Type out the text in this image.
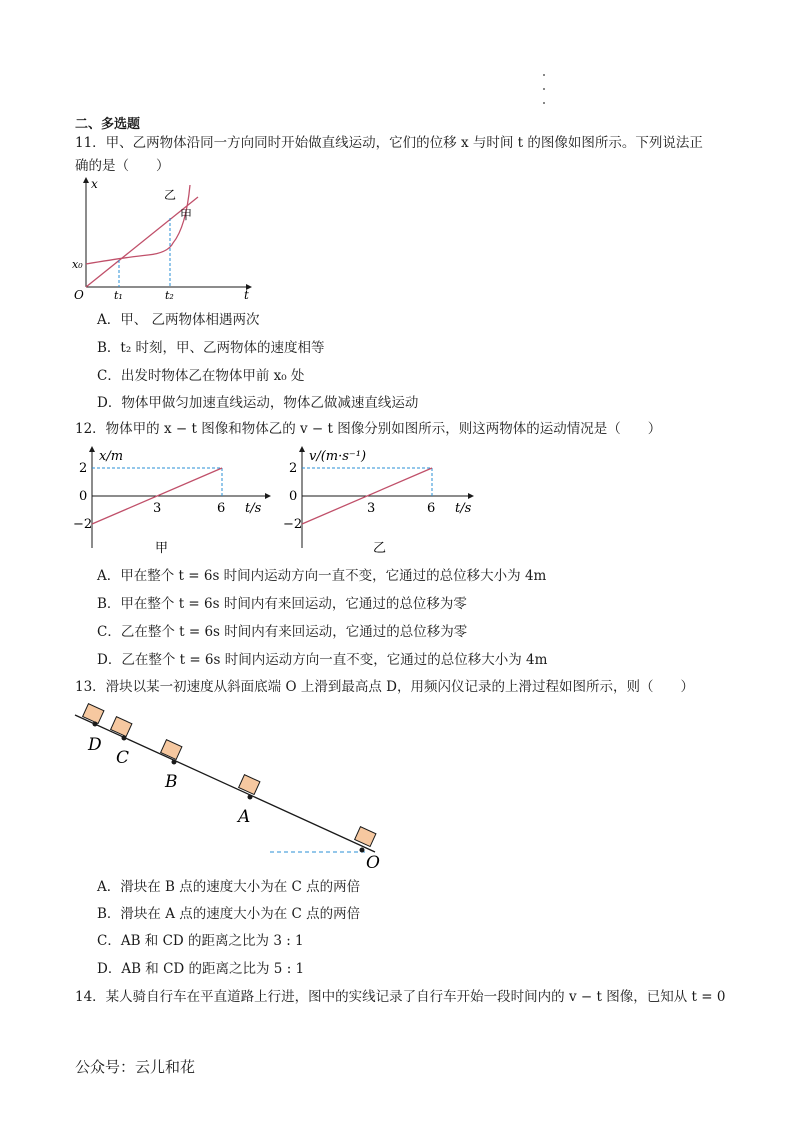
二、多选题
11．甲、乙两物体沿同一方向同时开始做直线运动，它们的位移 x 与时间 t 的图像如图所示。下列说法正
确的是（　　）
t
x
O
x₀
t₁	t₂
乙
甲
A．甲、 乙两物体相遇两次
B．t₂ 时刻，甲、乙两物体的速度相等
C．出发时物体乙在物体甲前 x₀ 处
D．物体甲做匀加速直线运动，物体乙做减速直线运动
12．物体甲的 x − t 图像和物体乙的 v − t 图像分别如图所示，则这两物体的运动情况是（　　）
x/m
2
0
−2
3	6 t/s
甲
v/(m·s⁻¹)
2
0
−2
3	6 t/s
乙
A．甲在整个 t = 6s 时间内运动方向一直不变，它通过的总位移大小为 4m
B．甲在整个 t = 6s 时间内有来回运动，它通过的总位移为零
C．乙在整个 t = 6s 时间内有来回运动，它通过的总位移为零
D．乙在整个 t = 6s 时间内运动方向一直不变，它通过的总位移大小为 4m
13．滑块以某一初速度从斜面底端 O 上滑到最高点 D，用频闪仪记录的上滑过程如图所示，则（　　）
D
C
B
A
O
A．滑块在 B 点的速度大小为在 C 点的两倍
B．滑块在 A 点的速度大小为在 C 点的两倍
C．AB 和 CD 的距离之比为 3 : 1
D．AB 和 CD 的距离之比为 5 : 1
14．某人骑自行车在平直道路上行进，图中的实线记录了自行车开始一段时间内的 v − t 图像，已知从 t = 0
公众号：云儿和花
